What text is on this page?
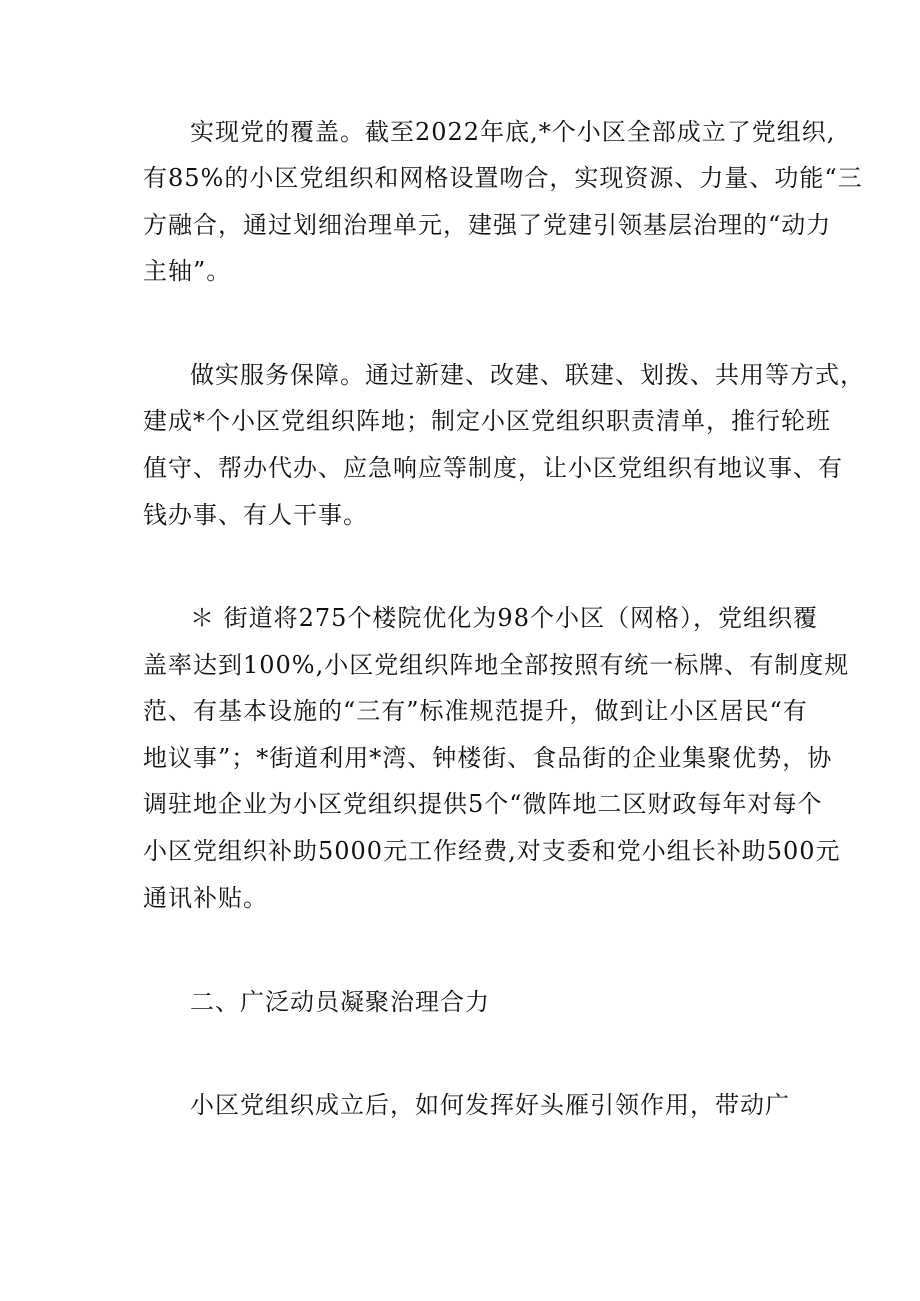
实现党的覆盖。截至2022年底,*个小区全部成立了党组织,
有85%的小区党组织和网格设置吻合，实现资源、力量、功能“三
方融合，通过划细治理单元，建强了党建引领基层治理的“动力
主轴”。
做实服务保障。通过新建、改建、联建、划拨、共用等方式，
建成*个小区党组织阵地；制定小区党组织职责清单，推行轮班
值守、帮办代办、应急响应等制度，让小区党组织有地议事、有
钱办事、有人干事。
＊ 街道将275个楼院优化为98个小区（网格），党组织覆
盖率达到100%,小区党组织阵地全部按照有统一标牌、有制度规
范、有基本设施的“三有”标准规范提升，做到让小区居民“有
地议事”；*街道利用*湾、钟楼街、食品街的企业集聚优势，协
调驻地企业为小区党组织提供5个“微阵地二区财政每年对每个
小区党组织补助5000元工作经费,对支委和党小组长补助500元
通讯补贴。
二、广泛动员凝聚治理合力
小区党组织成立后，如何发挥好头雁引领作用，带动广
